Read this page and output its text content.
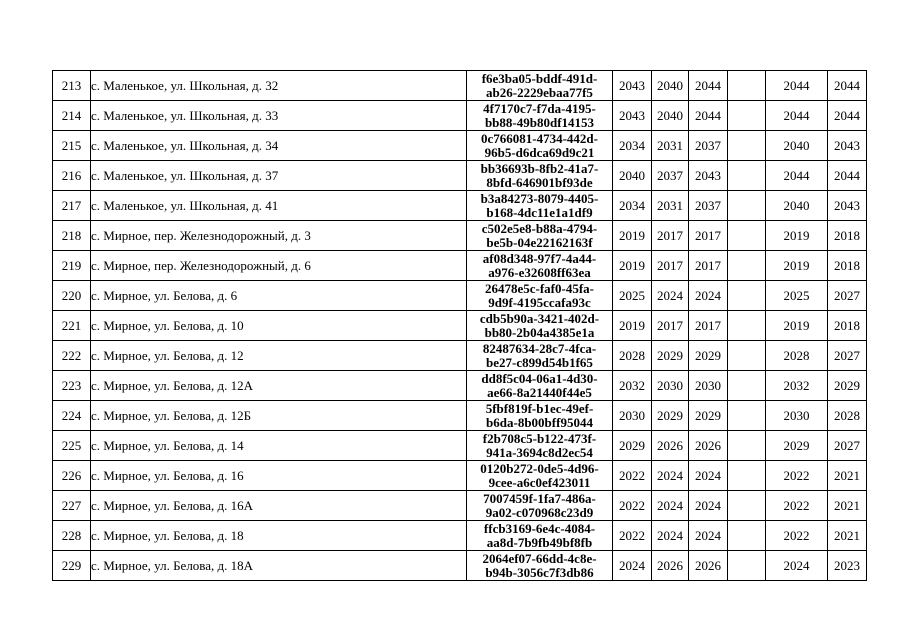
213	с. Маленькое, ул. Школьная, д. 32	f6e3ba05-bddf-491d-
ab26-2229ebaa77f5	2043	2040	2044		2044	2044
214	с. Маленькое, ул. Школьная, д. 33	4f7170c7-f7da-4195-
bb88-49b80df14153	2043	2040	2044		2044	2044
215	с. Маленькое, ул. Школьная, д. 34	0c766081-4734-442d-
96b5-d6dca69d9c21	2034	2031	2037		2040	2043
216	с. Маленькое, ул. Школьная, д. 37	bb36693b-8fb2-41a7-
8bfd-646901bf93de	2040	2037	2043		2044	2044
217	с. Маленькое, ул. Школьная, д. 41	b3a84273-8079-4405-
b168-4dc11e1a1df9	2034	2031	2037		2040	2043
218	с. Мирное, пер. Железнодорожный, д. 3	c502e5e8-b88a-4794-
be5b-04e22162163f	2019	2017	2017		2019	2018
219	с. Мирное, пер. Железнодорожный, д. 6	af08d348-97f7-4a44-
a976-e32608ff63ea	2019	2017	2017		2019	2018
220	с. Мирное, ул. Белова, д. 6	26478e5c-faf0-45fa-
9d9f-4195ccafa93c	2025	2024	2024		2025	2027
221	с. Мирное, ул. Белова, д. 10	cdb5b90a-3421-402d-
bb80-2b04a4385e1a	2019	2017	2017		2019	2018
222	с. Мирное, ул. Белова, д. 12	82487634-28c7-4fca-
be27-c899d54b1f65	2028	2029	2029		2028	2027
223	с. Мирное, ул. Белова, д. 12А	dd8f5c04-06a1-4d30-
ae66-8a21440f44e5	2032	2030	2030		2032	2029
224	с. Мирное, ул. Белова, д. 12Б	5fbf819f-b1ec-49ef-
b6da-8b00bff95044	2030	2029	2029		2030	2028
225	с. Мирное, ул. Белова, д. 14	f2b708c5-b122-473f-
941a-3694c8d2ec54	2029	2026	2026		2029	2027
226	с. Мирное, ул. Белова, д. 16	0120b272-0de5-4d96-
9cee-a6c0ef423011	2022	2024	2024		2022	2021
227	с. Мирное, ул. Белова, д. 16А	7007459f-1fa7-486a-
9a02-c070968c23d9	2022	2024	2024		2022	2021
228	с. Мирное, ул. Белова, д. 18	ffcb3169-6e4c-4084-
aa8d-7b9fb49bf8fb	2022	2024	2024		2022	2021
229	с. Мирное, ул. Белова, д. 18А	2064ef07-66dd-4c8e-
b94b-3056c7f3db86	2024	2026	2026		2024	2023
